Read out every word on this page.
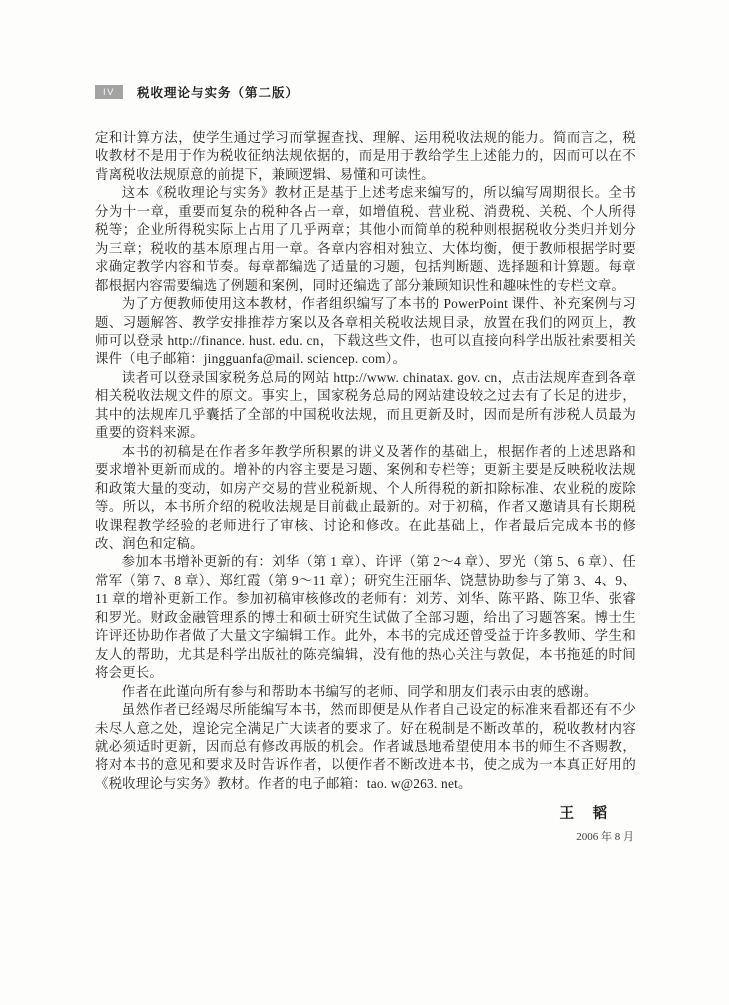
IV	税收理论与实务（第二版）

定和计算方法，使学生通过学习而掌握查找、理解、运用税收法规的能力。简而言之，税收教材不是用于作为税收征纳法规依据的，而是用于教给学生上述能力的，因而可以在不背离税收法规原意的前提下，兼顾逻辑、易懂和可读性。

这本《税收理论与实务》教材正是基于上述考虑来编写的，所以编写周期很长。全书分为十一章，重要而复杂的税种各占一章，如增值税、营业税、消费税、关税、个人所得税等；企业所得税实际上占用了几乎两章；其他小而简单的税种则根据税收分类归并划分为三章；税收的基本原理占用一章。各章内容相对独立、大体均衡，便于教师根据学时要求确定教学内容和节奏。每章都编选了适量的习题，包括判断题、选择题和计算题。每章都根据内容需要编选了例题和案例，同时还编选了部分兼顾知识性和趣味性的专栏文章。

为了方便教师使用这本教材，作者组织编写了本书的 PowerPoint 课件、补充案例与习题、习题解答、教学安排推荐方案以及各章相关税收法规目录，放置在我们的网页上，教师可以登录 http://finance. hust. edu. cn，下载这些文件，也可以直接向科学出版社索要相关课件（电子邮箱：jingguanfa@mail. sciencep. com）。

读者可以登录国家税务总局的网站 http://www. chinatax. gov. cn，点击法规库查到各章相关税收法规文件的原文。事实上，国家税务总局的网站建设较之过去有了长足的进步，其中的法规库几乎囊括了全部的中国税收法规，而且更新及时，因而是所有涉税人员最为重要的资料来源。

本书的初稿是在作者多年教学所积累的讲义及著作的基础上，根据作者的上述思路和要求增补更新而成的。增补的内容主要是习题、案例和专栏等；更新主要是反映税收法规和政策大量的变动，如房产交易的营业税新规、个人所得税的新扣除标准、农业税的废除等。所以，本书所介绍的税收法规是目前截止最新的。对于初稿，作者又邀请具有长期税收课程教学经验的老师进行了审核、讨论和修改。在此基础上，作者最后完成本书的修改、润色和定稿。

参加本书增补更新的有：刘华（第 1 章）、许评（第 2～4 章）、罗光（第 5、6 章）、任常军（第 7、8 章）、郑红霞（第 9～11 章）；研究生汪丽华、饶慧协助参与了第 3、4、9、11 章的增补更新工作。参加初稿审核修改的老师有：刘芳、刘华、陈平路、陈卫华、张睿和罗光。财政金融管理系的博士和硕士研究生试做了全部习题，给出了习题答案。博士生许评还协助作者做了大量文字编辑工作。此外，本书的完成还曾受益于许多教师、学生和友人的帮助，尤其是科学出版社的陈亮编辑，没有他的热心关注与敦促，本书拖延的时间将会更长。

作者在此谨向所有参与和帮助本书编写的老师、同学和朋友们表示由衷的感谢。

虽然作者已经竭尽所能编写本书，然而即便是从作者自己设定的标准来看都还有不少未尽人意之处，遑论完全满足广大读者的要求了。好在税制是不断改革的，税收教材内容就必须适时更新，因而总有修改再版的机会。作者诚恳地希望使用本书的师生不吝赐教，将对本书的意见和要求及时告诉作者，以便作者不断改进本书，使之成为一本真正好用的《税收理论与实务》教材。作者的电子邮箱：tao. w@263. net。

王　韬
2006 年 8 月
